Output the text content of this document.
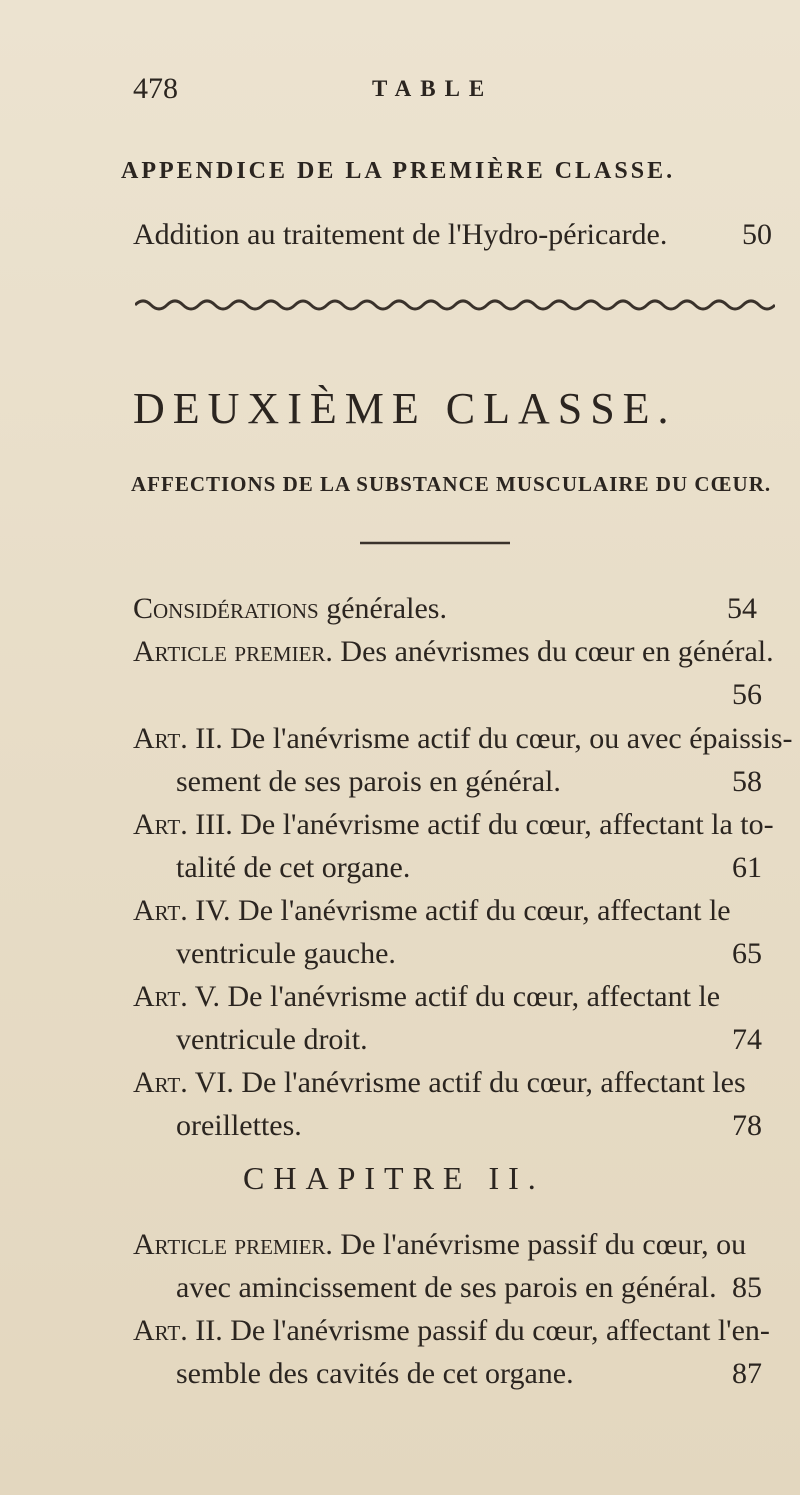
478	TABLE
APPENDICE DE LA PREMIÈRE CLASSE.
Addition au traitement de l'Hydro-péricarde.	50
DEUXIÈME CLASSE.
AFFECTIONS DE LA SUBSTANCE MUSCULAIRE DU CŒUR.
Considérations générales.	54
Article premier. Des anévrismes du cœur en général.
56
Art. II. De l'anévrisme actif du cœur, ou avec épaissis-
sement de ses parois en général.	58
Art. III. De l'anévrisme actif du cœur, affectant la to-
talité de cet organe.	61
Art. IV. De l'anévrisme actif du cœur, affectant le
ventricule gauche.	65
Art. V. De l'anévrisme actif du cœur, affectant le
ventricule droit.	74
Art. VI. De l'anévrisme actif du cœur, affectant les
oreillettes.	78
CHAPITRE II.
Article premier. De l'anévrisme passif du cœur, ou
avec amincissement de ses parois en général. 85
Art. II. De l'anévrisme passif du cœur, affectant l'en-
semble des cavités de cet organe.	87
